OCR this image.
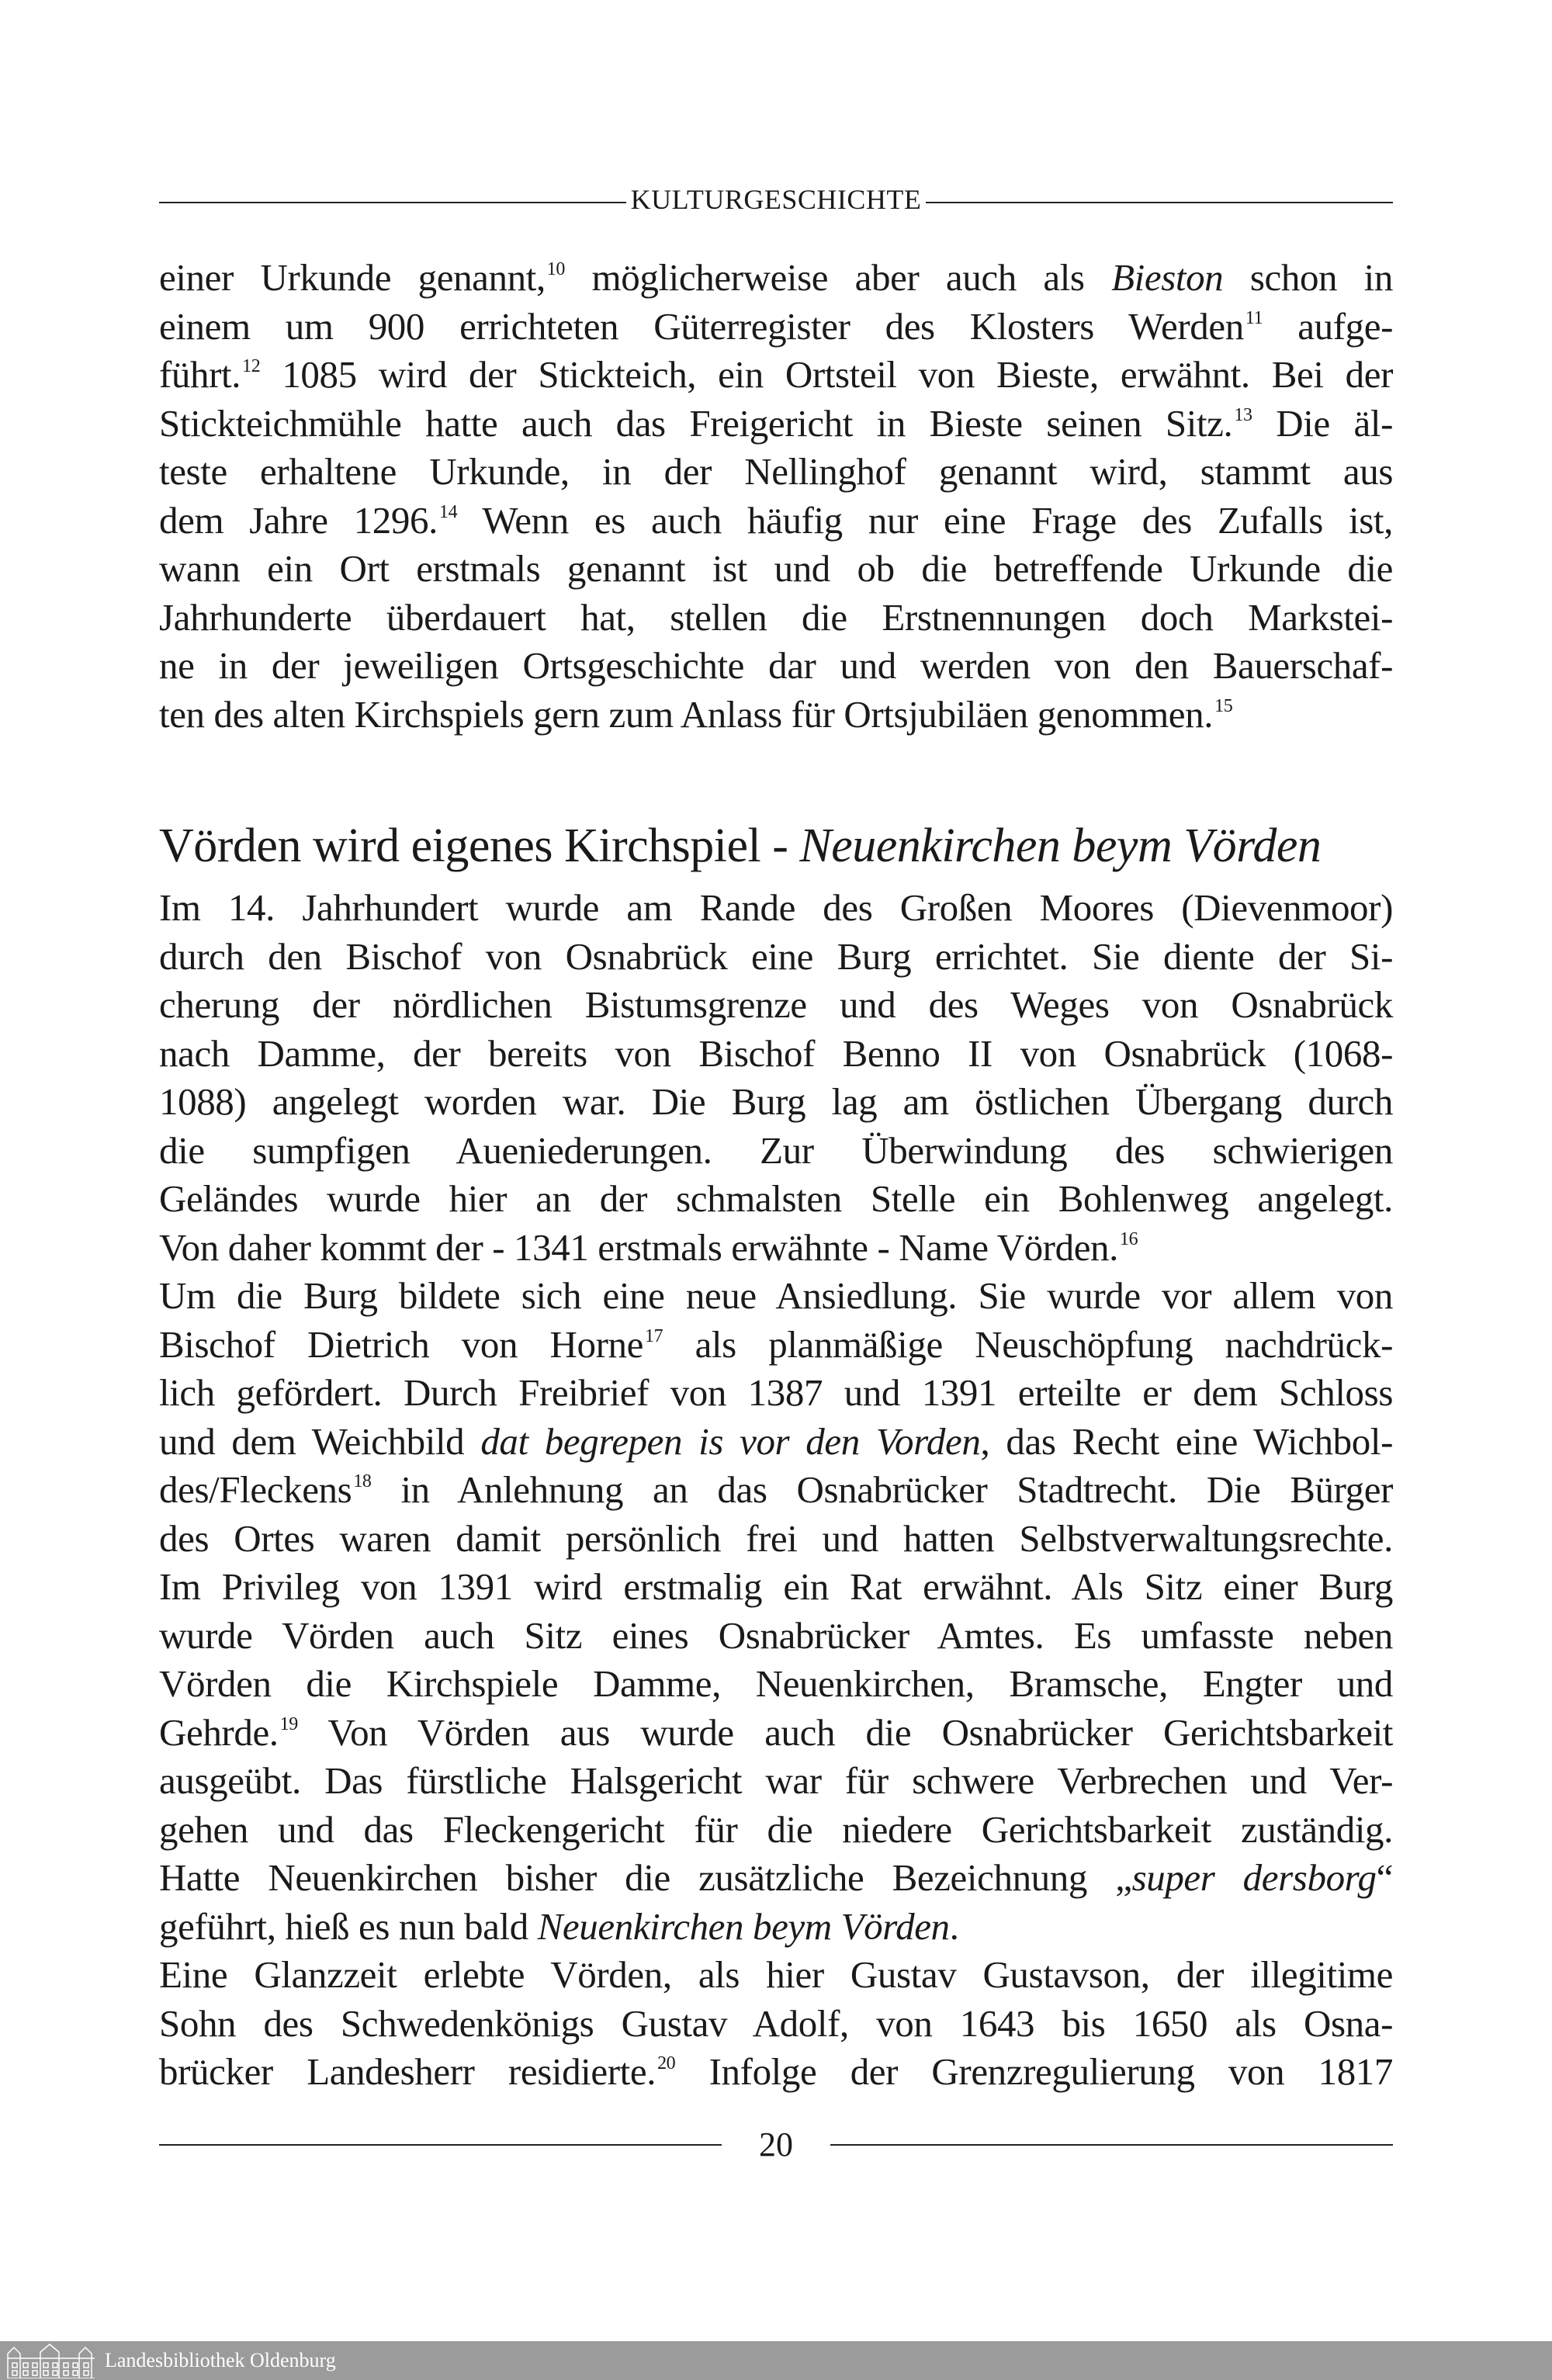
KULTURGESCHICHTE
einer Urkunde genannt,$^{10}$ möglicherweise aber auch als Bieston schon in
einem um 900 errichteten Güterregister des Klosters Werden$^{11}$ aufge-
führt.$^{12}$ 1085 wird der Stickteich, ein Ortsteil von Bieste, erwähnt. Bei der
Stickteichmühle hatte auch das Freigericht in Bieste seinen Sitz.$^{13}$ Die äl-
teste erhaltene Urkunde, in der Nellinghof genannt wird, stammt aus
dem Jahre 1296.14 Wenn es auch häufig nur eine Frage des Zufalls ist,
wann ein Ort erstmals genannt ist und ob die betreffende Urkunde die
Jahrhunderte überdauert hat, stellen die Erstnennungen doch Markstei-
ne in der jeweiligen Ortsgeschichte dar und werden von den Bauerschaf-
ten des alten Kirchspiels gern zum Anlass für Ortsjubiläen genommen.$^{15}$
Vörden wird eigenes Kirchspiel - Neuenkirchen beym Vörden
Im 14. Jahrhundert wurde am Rande des Großen Moores (Dievenmoor)
durch den Bischof von Osnabrück eine Burg errichtet. Sie diente der Si-
cherung der nördlichen Bistumsgrenze und des Weges von Osnabrück
nach Damme, der bereits von Bischof Benno II von Osnabrück (1068-
1088) angelegt worden war. Die Burg lag am östlichen Übergang durch
die sumpfigen Aueniederungen. Zur Überwindung des schwierigen
Geländes wurde hier an der schmalsten Stelle ein Bohlenweg angelegt.
Von daher kommt der - 1341 erstmals erwähnte - Name Vörden.$^{16}$
Um die Burg bildete sich eine neue Ansiedlung. Sie wurde vor allem von
Bischof Dietrich von Horne$^{17}$ als planmäßige Neuschöpfung nachdrück-
lich gefördert. Durch Freibrief von 1387 und 1391 erteilte er dem Schloss
und dem Weichbild dat begrepen is vor den Vorden, das Recht eine Wichbol-
des/Fleckens$^{18}$ in Anlehnung an das Osnabrücker Stadtrecht. Die Bürger
des Ortes waren damit persönlich frei und hatten Selbstverwaltungsrechte.
Im Privileg von 1391 wird erstmalig ein Rat erwähnt. Als Sitz einer Burg
wurde Vörden auch Sitz eines Osnabrücker Amtes. Es umfasste neben
Vörden die Kirchspiele Damme, Neuenkirchen, Bramsche, Engter und
Gehrde.$^{19}$ Von Vörden aus wurde auch die Osnabrücker Gerichtsbarkeit
ausgeübt. Das fürstliche Halsgericht war für schwere Verbrechen und Ver-
gehen und das Fleckengericht für die niedere Gerichtsbarkeit zuständig.
Hatte Neuenkirchen bisher die zusätzliche Bezeichnung „super dersborg“
geführt, hieß es nun bald Neuenkirchen beym Vörden.
Eine Glanzzeit erlebte Vörden, als hier Gustav Gustavson, der illegitime
Sohn des Schwedenkönigs Gustav Adolf, von 1643 bis 1650 als Osna-
brücker Landesherr residierte.$^{20}$ Infolge der Grenzregulierung von 1817
20
Landesbibliothek Oldenburg
